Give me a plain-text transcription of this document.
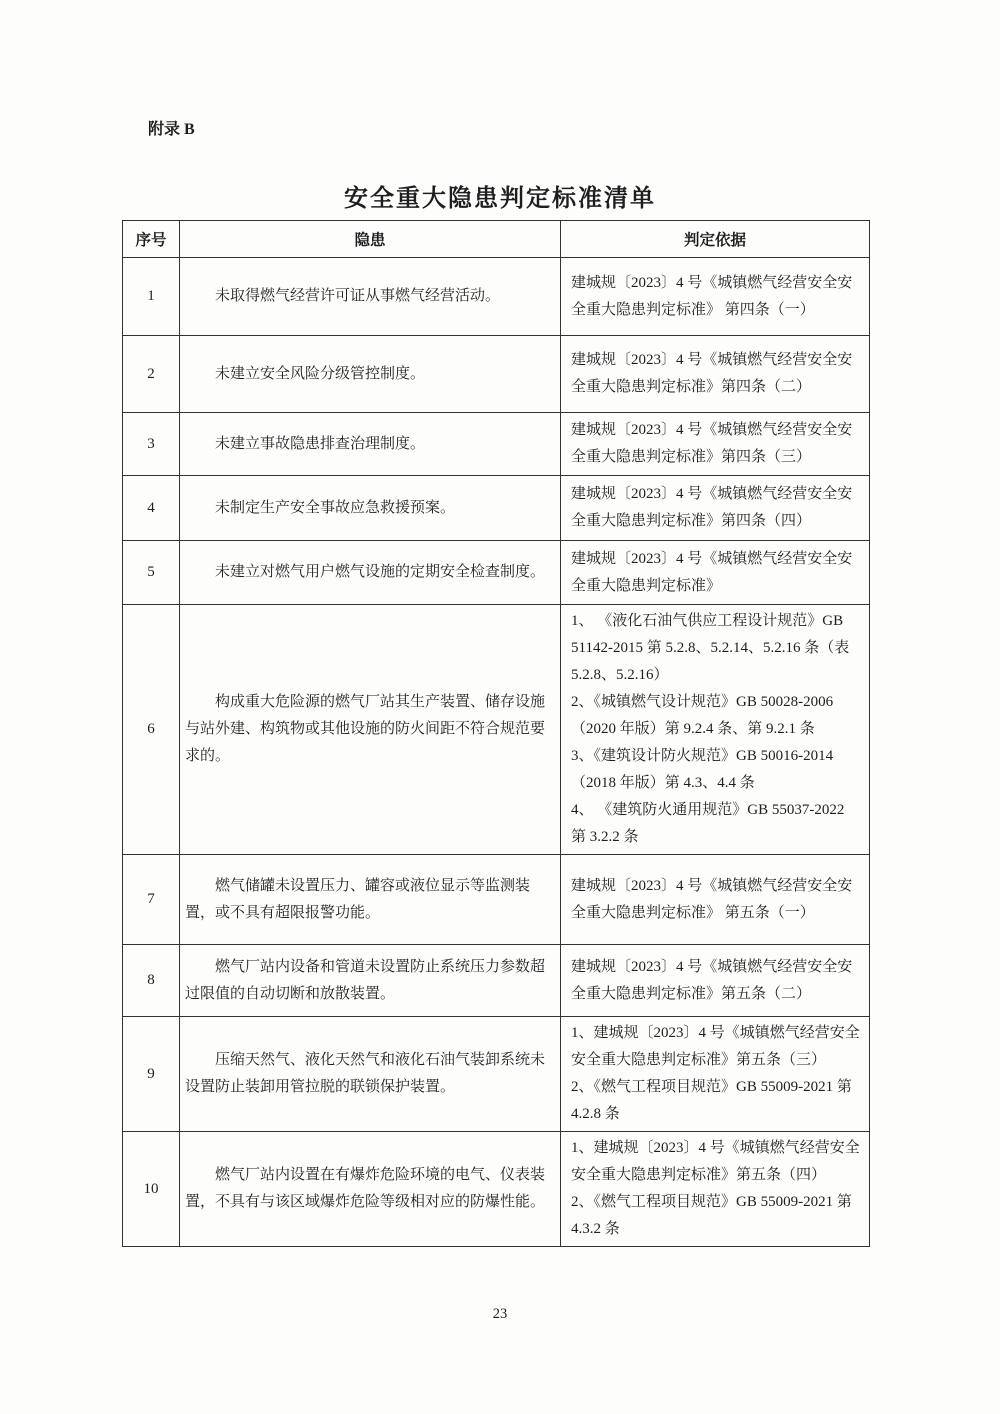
附录 B
安全重大隐患判定标准清单
序号	隐患	判定依据
1	未取得燃气经营许可证从事燃气经营活动。	建城规〔2023〕4 号《城镇燃气经营安全安全重大隐患判定标准》 第四条（一）

2	未建立安全风险分级管控制度。	建城规〔2023〕4 号《城镇燃气经营安全安全重大隐患判定标准》第四条（二）

3	未建立事故隐患排查治理制度。	建城规〔2023〕4 号《城镇燃气经营安全安全重大隐患判定标准》第四条（三）

4	未制定生产安全事故应急救援预案。	建城规〔2023〕4 号《城镇燃气经营安全安全重大隐患判定标准》第四条（四）

5	未建立对燃气用户燃气设施的定期安全检查制度。	建城规〔2023〕4 号《城镇燃气经营安全安全重大隐患判定标准》

6	构成重大危险源的燃气厂站其生产装置、储存设施与站外建、构筑物或其他设施的防火间距不符合规范要求的。	1、 《液化石油气供应工程设计规范》GB 51142-2015 第 5.2.8、5.2.14、5.2.16 条（表 5.2.8、5.2.16）

2、《城镇燃气设计规范》GB 50028-2006（2020 年版）第 9.2.4 条、第 9.2.1 条

3、《建筑设计防火规范》GB 50016-2014（2018 年版）第 4.3、4.4 条

4、 《建筑防火通用规范》GB 55037-2022 第 3.2.2 条

7	燃气储罐未设置压力、罐容或液位显示等监测装置，或不具有超限报警功能。	建城规〔2023〕4 号《城镇燃气经营安全安全重大隐患判定标准》 第五条（一）

8	燃气厂站内设备和管道未设置防止系统压力参数超过限值的自动切断和放散装置。	建城规〔2023〕4 号《城镇燃气经营安全安全重大隐患判定标准》第五条（二）

9	压缩天然气、液化天然气和液化石油气装卸系统未设置防止装卸用管拉脱的联锁保护装置。	1、建城规〔2023〕4 号《城镇燃气经营安全安全重大隐患判定标准》第五条（三）

2、《燃气工程项目规范》GB 55009-2021 第 4.2.8 条

10	燃气厂站内设置在有爆炸危险环境的电气、仪表装置，不具有与该区域爆炸危险等级相对应的防爆性能。	1、建城规〔2023〕4 号《城镇燃气经营安全安全重大隐患判定标准》第五条（四）

2、《燃气工程项目规范》GB 55009-2021 第 4.3.2 条

23
